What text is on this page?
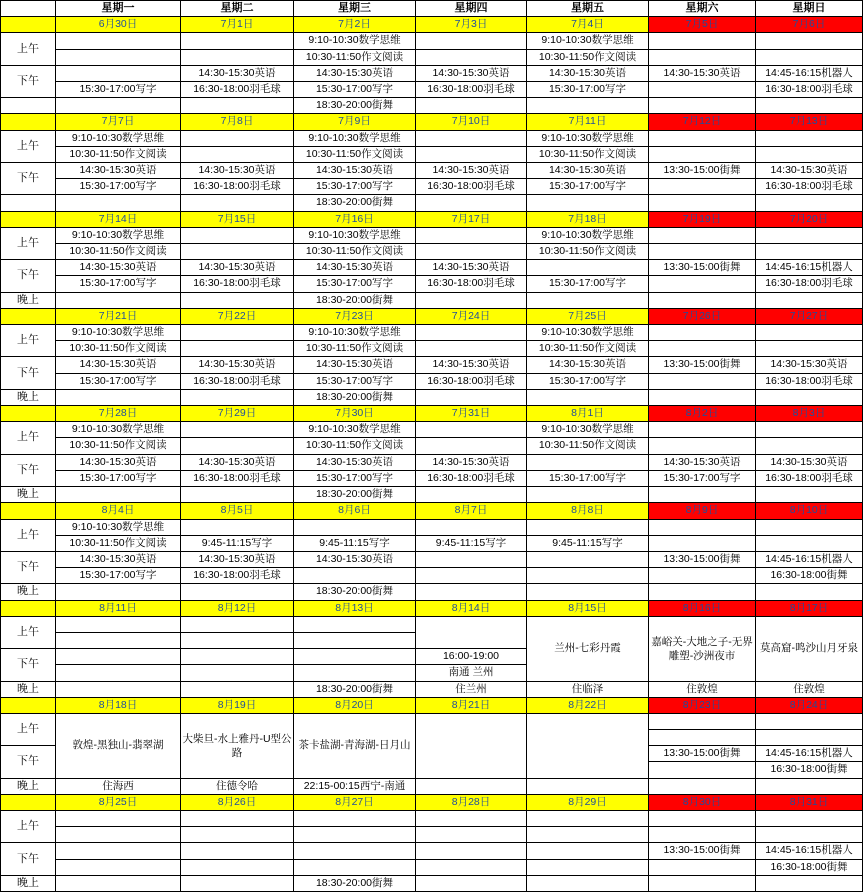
	星期一	星期二	星期三	星期四	星期五	星期六	星期日
	6月30日	7月1日	7月2日	7月3日	7月4日	7月5日	7月6日
上午			9:10-10:30数学思维		9:10-10:30数学思维		
			10:30-11:50作文阅读		10:30-11:50作文阅读		
下午		14:30-15:30英语	14:30-15:30英语	14:30-15:30英语	14:30-15:30英语	14:30-15:30英语	14:45-16:15机器人
	15:30-17:00写字	16:30-18:00羽毛球	15:30-17:00写字	16:30-18:00羽毛球	15:30-17:00写字		16:30-18:00羽毛球
			18:30-20:00街舞				
	7月7日	7月8日	7月9日	7月10日	7月11日	7月12日	7月13日
上午	9:10-10:30数学思维		9:10-10:30数学思维		9:10-10:30数学思维		
	10:30-11:50作文阅读		10:30-11:50作文阅读		10:30-11:50作文阅读		
下午	14:30-15:30英语	14:30-15:30英语	14:30-15:30英语	14:30-15:30英语	14:30-15:30英语	13:30-15:00街舞	14:30-15:30英语
	15:30-17:00写字	16:30-18:00羽毛球	15:30-17:00写字	16:30-18:00羽毛球	15:30-17:00写字		16:30-18:00羽毛球
			18:30-20:00街舞				
	7月14日	7月15日	7月16日	7月17日	7月18日	7月19日	7月20日
上午	9:10-10:30数学思维		9:10-10:30数学思维		9:10-10:30数学思维		
	10:30-11:50作文阅读		10:30-11:50作文阅读		10:30-11:50作文阅读		
下午	14:30-15:30英语	14:30-15:30英语	14:30-15:30英语	14:30-15:30英语		13:30-15:00街舞	14:45-16:15机器人
	15:30-17:00写字	16:30-18:00羽毛球	15:30-17:00写字	16:30-18:00羽毛球	15:30-17:00写字		16:30-18:00羽毛球
晚上			18:30-20:00街舞				
	7月21日	7月22日	7月23日	7月24日	7月25日	7月26日	7月27日
上午	9:10-10:30数学思维		9:10-10:30数学思维		9:10-10:30数学思维		
	10:30-11:50作文阅读		10:30-11:50作文阅读		10:30-11:50作文阅读		
下午	14:30-15:30英语	14:30-15:30英语	14:30-15:30英语	14:30-15:30英语	14:30-15:30英语	13:30-15:00街舞	14:30-15:30英语
	15:30-17:00写字	16:30-18:00羽毛球	15:30-17:00写字	16:30-18:00羽毛球	15:30-17:00写字		16:30-18:00羽毛球
晚上			18:30-20:00街舞				
	7月28日	7月29日	7月30日	7月31日	8月1日	8月2日	8月3日
上午	9:10-10:30数学思维		9:10-10:30数学思维		9:10-10:30数学思维		
	10:30-11:50作文阅读		10:30-11:50作文阅读		10:30-11:50作文阅读		
下午	14:30-15:30英语	14:30-15:30英语	14:30-15:30英语	14:30-15:30英语		14:30-15:30英语	14:30-15:30英语
	15:30-17:00写字	16:30-18:00羽毛球	15:30-17:00写字	16:30-18:00羽毛球	15:30-17:00写字	15:30-17:00写字	16:30-18:00羽毛球
晚上			18:30-20:00街舞				
	8月4日	8月5日	8月6日	8月7日	8月8日	8月9日	8月10日
上午	9:10-10:30数学思维						
	10:30-11:50作文阅读	9:45-11:15写字	9:45-11:15写字	9:45-11:15写字	9:45-11:15写字		
下午	14:30-15:30英语	14:30-15:30英语	14:30-15:30英语			13:30-15:00街舞	14:45-16:15机器人
	15:30-17:00写字	16:30-18:00羽毛球					16:30-18:00街舞
晚上			18:30-20:00街舞				
	8月11日	8月12日	8月13日	8月14日	8月15日	8月16日	8月17日
上午					兰州-七彩丹霞	嘉峪关-大地之子-无界雕塑-沙洲夜市	莫高窟-鸣沙山月牙泉

下午				16:00-19:00			
				南通 兰州			
晚上			18:30-20:00街舞	住兰州	住临泽	住敦煌	住敦煌
	8月18日	8月19日	8月20日	8月21日	8月22日	8月23日	8月24日
上午	敦煌-黑独山-翡翠湖	大柴旦-水上雅丹-U型公路	茶卡盐湖-青海湖-日月山				

下午						13:30-15:00街舞	14:45-16:15机器人
							16:30-18:00街舞
晚上	住海西	住德令哈	22:15-00:15西宁-南通				
	8月25日	8月26日	8月27日	8月28日	8月29日	8月30日	8月31日
上午							

下午						13:30-15:00街舞	14:45-16:15机器人
							16:30-18:00街舞
晚上			18:30-20:00街舞				
